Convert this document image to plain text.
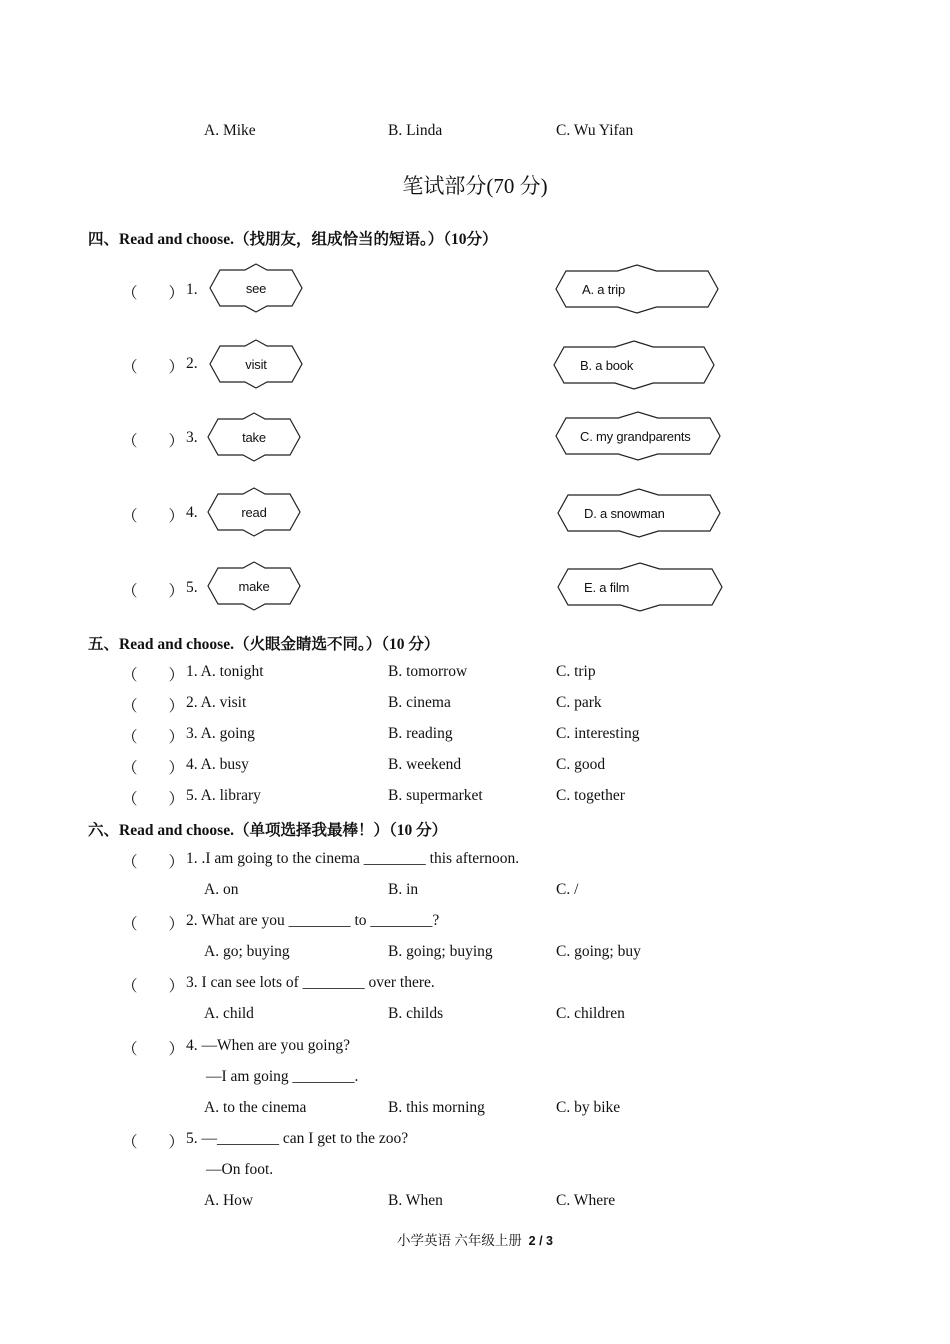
A. Mike	B. Linda	C. Wu Yifan
笔试部分(70 分)
四、Read and choose.（找朋友，组成恰当的短语。）（10分）
（　　） 1.
（　　） 2.
（　　） 3.
（　　） 4.
（　　） 5.
see
visit
take
read
make
A. a trip
B. a book
C. my grandparents
D. a snowman
E. a film
五、Read and choose.（火眼金睛选不同。）（10 分）
（　　） 1. A. tonight	B. tomorrow	C. trip
（　　） 2. A. visit	B. cinema	C. park
（　　） 3. A. going	B. reading	C. interesting
（　　） 4. A. busy	B. weekend	C. good
（　　） 5. A. library	B. supermarket	C. together
六、Read and choose.（单项选择我最棒！）（10 分）
（　　） 1. .I am going to the cinema ________ this afternoon.
A. on	B. in	C. /
（　　） 2. What are you ________ to ________?
A. go; buying	B. going; buying	C. going; buy
（　　） 3. I can see lots of ________ over there.
A. child	B. childs	C. children
（　　） 4. —When are you going?
—I am going ________.
A. to the cinema	B. this morning	C. by bike
（　　） 5. —________ can I get to the zoo?
—On foot.
A. How	B. When	C. Where
小学英语 六年级上册 2 / 3
